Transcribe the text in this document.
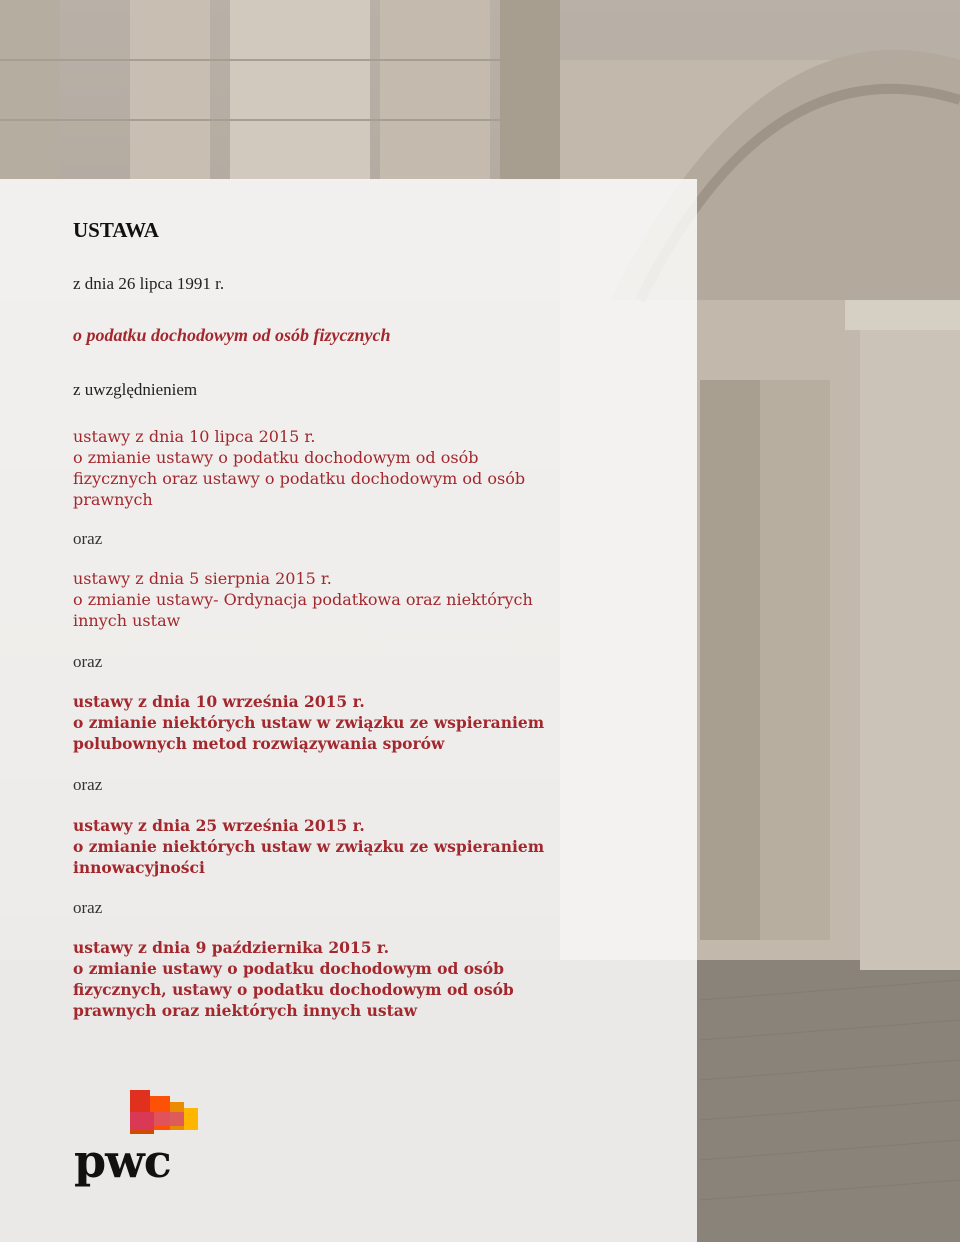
USTAWA
z dnia 26 lipca 1991 r.
o podatku dochodowym od osób fizycznych
z uwzględnieniem
ustawy z dnia 10 lipca 2015 r.
o zmianie ustawy o podatku dochodowym od osób
fizycznych oraz ustawy o podatku dochodowym od osób
prawnych
oraz
ustawy z dnia 5 sierpnia 2015 r.
o zmianie ustawy- Ordynacja podatkowa oraz niektórych
innych ustaw
oraz
ustawy z dnia 10 września 2015 r.
o zmianie niektórych ustaw w związku ze wspieraniem
polubownych metod rozwiązywania sporów
oraz
ustawy z dnia 25 września 2015 r.
o zmianie niektórych ustaw w związku ze wspieraniem
innowacyjności
oraz
ustawy z dnia 9 października 2015 r.
o zmianie ustawy o podatku dochodowym od osób
fizycznych, ustawy o podatku dochodowym od osób
prawnych oraz niektórych innych ustaw
pwc
